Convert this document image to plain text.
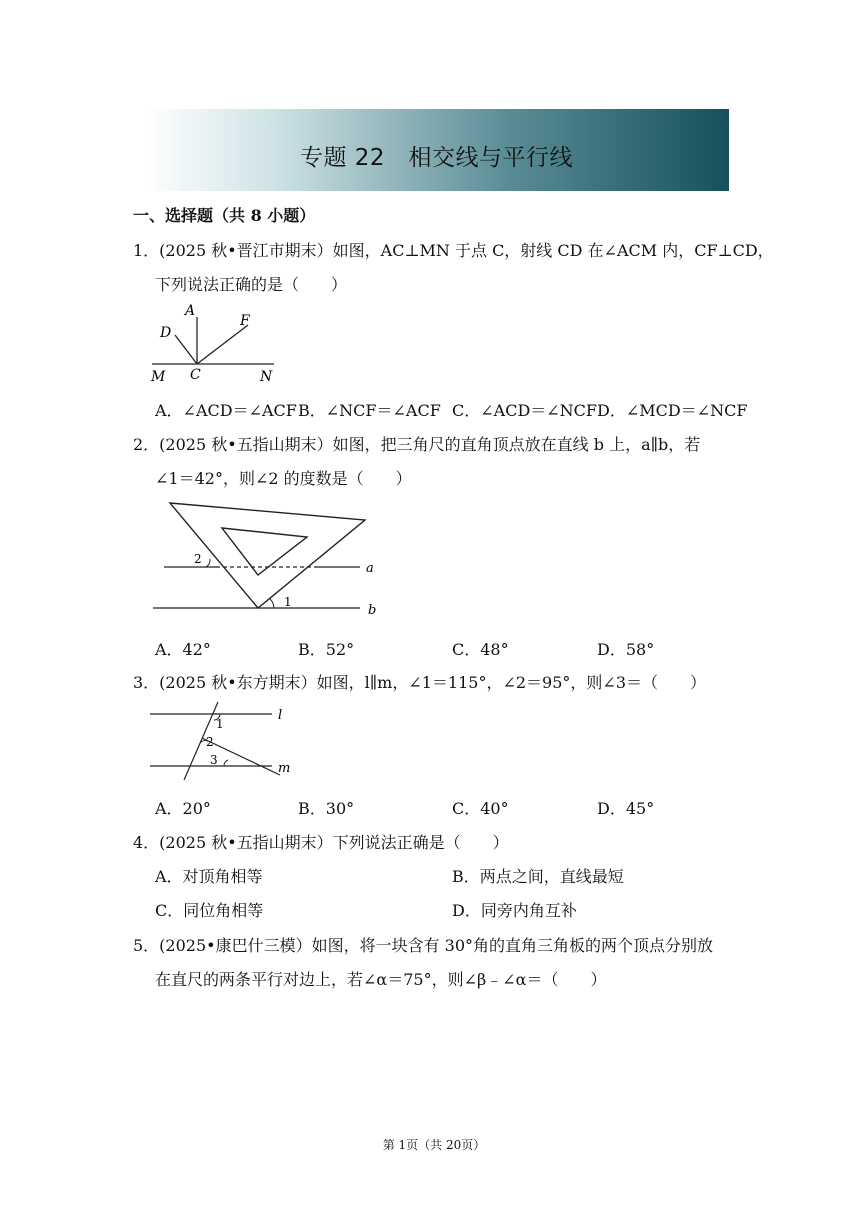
专题 22　相交线与平行线
一、选择题（共 8 小题）
1．(2025 秋•晋江市期末）如图，AC⊥MN 于点 C，射线 CD 在∠ACM 内，CF⊥CD，
下列说法正确的是（　　）
A
D
F
M C	N
A．∠ACD＝∠ACF B．∠NCF＝∠ACF C．∠ACD＝∠NCF D．∠MCD＝∠NCF
2．(2025 秋•五指山期末）如图，把三角尺的直角顶点放在直线 b 上，a∥b，若
∠1＝42°，则∠2 的度数是（　　）
1
2
a
b
A．42°	B．52°	C．48°	D．58°
3．(2025 秋•东方期末）如图，l∥m，∠1＝115°，∠2＝95°，则∠3＝（　　）
1
2
3
l
m
A．20°	B．30°	C．40°	D．45°
4．(2025 秋•五指山期末）下列说法正确是（　　）
A．对顶角相等	B．两点之间，直线最短
C．同位角相等	D．同旁内角互补
5．(2025•康巴什三模）如图，将一块含有 30°角的直角三角板的两个顶点分别放
在直尺的两条平行对边上，若∠α＝75°，则∠β﹣∠α＝（　　）
第 1页（共 20页）
